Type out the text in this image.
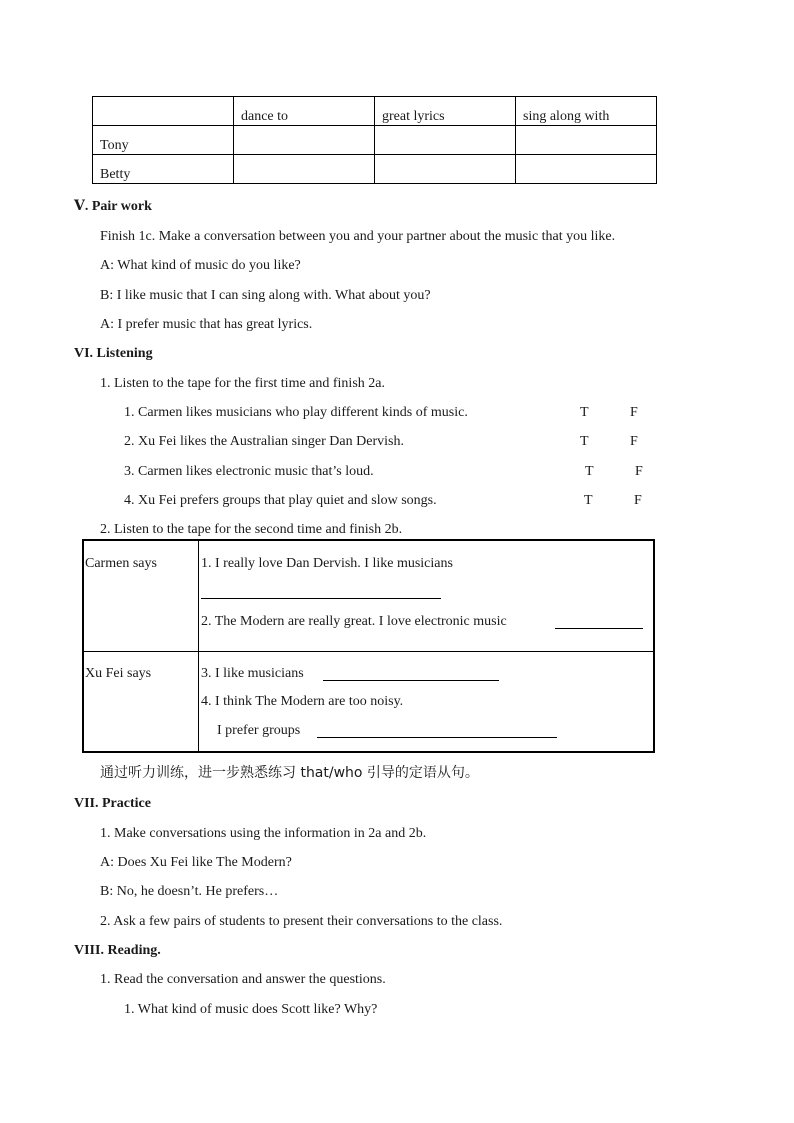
	dance to	great lyrics	sing along with
Tony			
Betty			
Ⅴ. Pair work
Finish 1c. Make a conversation between you and your partner about the music that you like.
A: What kind of music do you like?
B: I like music that I can sing along with. What about you?
A: I prefer music that has great lyrics.
VI. Listening
1. Listen to the tape for the first time and finish 2a.
1. Carmen likes musicians who play different kinds of music.	T	F
2. Xu Fei likes the Australian singer Dan Dervish.	T	F
3. Carmen likes electronic music that’s loud.	T	F
4. Xu Fei prefers groups that play quiet and slow songs.	T	F
2. Listen to the tape for the second time and finish 2b.
Carmen says	1. I really love Dan Dervish. I like musicians
2. The Modern are really great. I love electronic music
Xu Fei says	3. I like musicians
4. I think The Modern are too noisy.
I prefer groups
通过听力训练，进一步熟悉练习 that/who 引导的定语从句。
VII. Practice
1. Make conversations using the information in 2a and 2b.
A: Does Xu Fei like The Modern?
B: No, he doesn’t. He prefers…
2. Ask a few pairs of students to present their conversations to the class.
VIII. Reading.
1. Read the conversation and answer the questions.
1. What kind of music does Scott like? Why?
